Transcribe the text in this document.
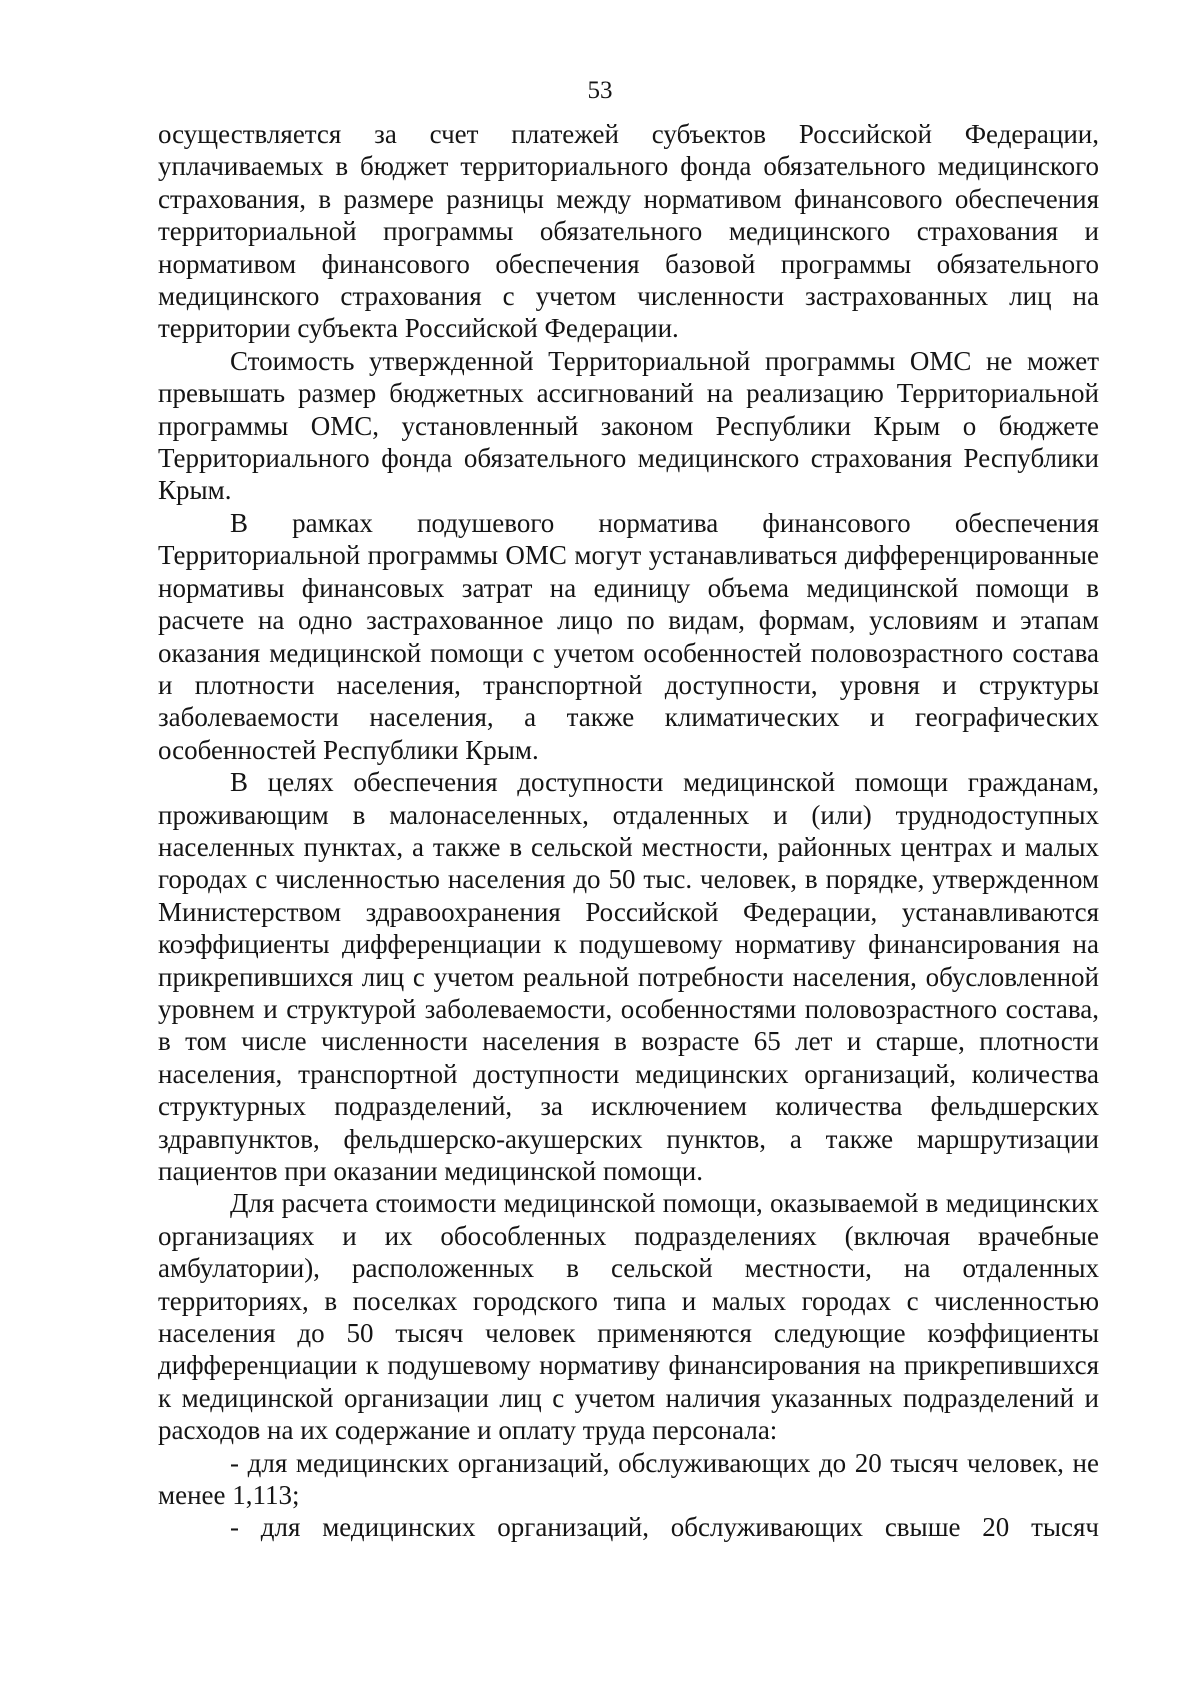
53

осуществляется за счет платежей субъектов Российской Федерации, уплачиваемых в бюджет территориального фонда обязательного медицинского страхования, в размере разницы между нормативом финансового обеспечения территориальной программы обязательного медицинского страхования и нормативом финансового обеспечения базовой программы обязательного медицинского страхования с учетом численности застрахованных лиц на территории субъекта Российской Федерации.

Стоимость утвержденной Территориальной программы ОМС не может превышать размер бюджетных ассигнований на реализацию Территориальной программы ОМС, установленный законом Республики Крым о бюджете Территориального фонда обязательного медицинского страхования Республики Крым.

В рамках подушевого норматива финансового обеспечения Территориальной программы ОМС могут устанавливаться дифференцированные нормативы финансовых затрат на единицу объема медицинской помощи в расчете на одно застрахованное лицо по видам, формам, условиям и этапам оказания медицинской помощи с учетом особенностей половозрастного состава и плотности населения, транспортной доступности, уровня и структуры заболеваемости населения, а также климатических и географических особенностей Республики Крым.

В целях обеспечения доступности медицинской помощи гражданам, проживающим в малонаселенных, отдаленных и (или) труднодоступных населенных пунктах, а также в сельской местности, районных центрах и малых городах с численностью населения до 50 тыс. человек, в порядке, утвержденном Министерством здравоохранения Российской Федерации, устанавливаются коэффициенты дифференциации к подушевому нормативу финансирования на прикрепившихся лиц с учетом реальной потребности населения, обусловленной уровнем и структурой заболеваемости, особенностями половозрастного состава, в том числе численности населения в возрасте 65 лет и старше, плотности населения, транспортной доступности медицинских организаций, количества структурных подразделений, за исключением количества фельдшерских здравпунктов, фельдшерско-акушерских пунктов, а также маршрутизации пациентов при оказании медицинской помощи.

Для расчета стоимости медицинской помощи, оказываемой в медицинских организациях и их обособленных подразделениях (включая врачебные амбулатории), расположенных в сельской местности, на отдаленных территориях, в поселках городского типа и малых городах с численностью населения до 50 тысяч человек применяются следующие коэффициенты дифференциации к подушевому нормативу финансирования на прикрепившихся к медицинской организации лиц с учетом наличия указанных подразделений и расходов на их содержание и оплату труда персонала:

- для медицинских организаций, обслуживающих до 20 тысяч человек, не менее 1,113;

- для медицинских организаций, обслуживающих свыше 20 тысяч
